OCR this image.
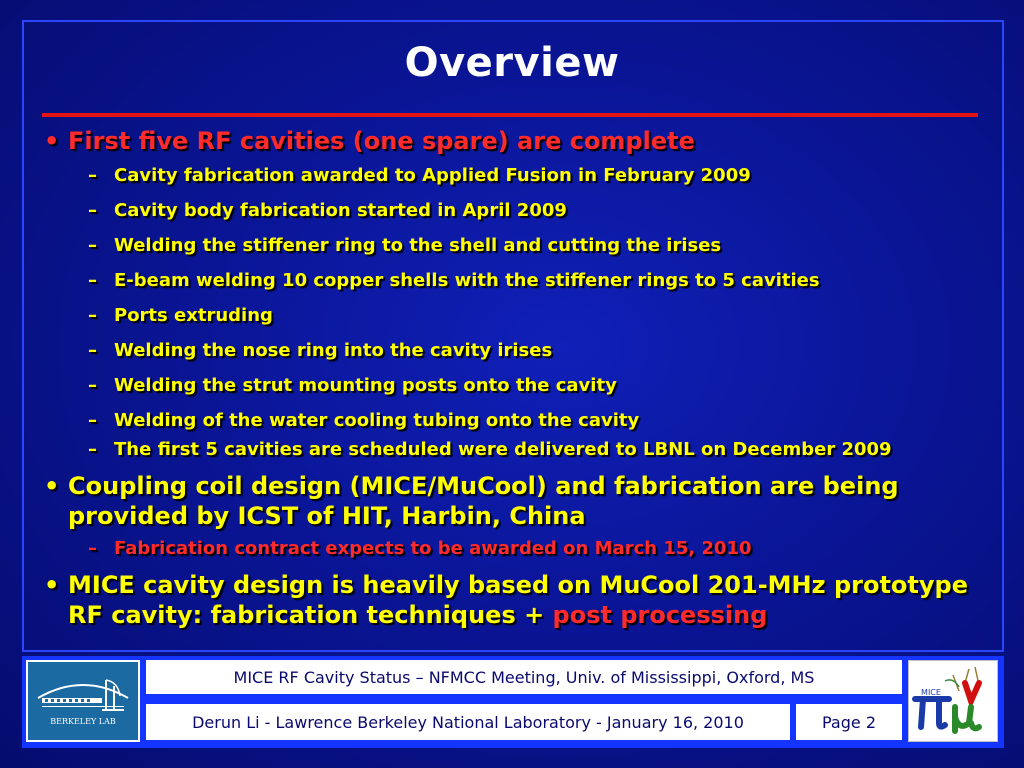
Overview
• First five RF cavities (one spare) are complete
– Cavity fabrication awarded to Applied Fusion in February 2009
– Cavity body fabrication started in April 2009
– Welding the stiffener ring to the shell and cutting the irises
– E-beam welding 10 copper shells with the stiffener rings to 5 cavities
– Ports extruding
– Welding the nose ring into the cavity irises
– Welding the strut mounting posts onto the cavity
– Welding of the water cooling tubing onto the cavity
– The first 5 cavities are scheduled were delivered to LBNL on December 2009
• Coupling coil design (MICE/MuCool) and fabrication are being
provided by ICST of HIT, Harbin, China
– Fabrication contract expects to be awarded on March 15, 2010
• MICE cavity design is heavily based on MuCool 201-MHz prototype
RF cavity: fabrication techniques + post processing
BERKELEY LAB
MICE RF Cavity Status – NFMCC Meeting, Univ. of Mississippi, Oxford, MS
Derun Li - Lawrence Berkeley National Laboratory - January 16, 2010	Page 2
MICE
